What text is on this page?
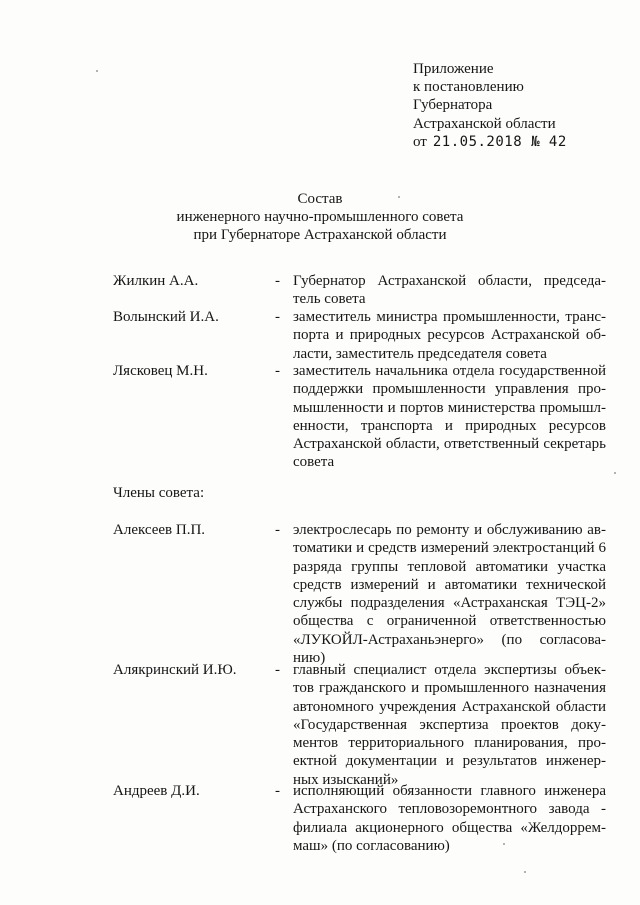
Приложение
к постановлению
Губернатора
Астраханской области
от 21.05.2018 № 42
Состав
инженерного научно-промышленного совета
при Губернаторе Астраханской области
Жилкин А.А.	- Губернатор Астраханской области, председа-
тель совета
Волынский И.А.	- заместитель министра промышленности, транс-
порта и природных ресурсов Астраханской об-
ласти, заместитель председателя совета
Лясковец М.Н.	- заместитель начальника отдела государственной
поддержки промышленности управления про-
мышленности и портов министерства промышл-
енности, транспорта и природных ресурсов
Астраханской области, ответственный секретарь
совета
Члены совета:
Алексеев П.П.	- электрослесарь по ремонту и обслуживанию ав-
томатики и средств измерений электростанций 6
разряда группы тепловой автоматики участка
средств измерений и автоматики технической
службы подразделения «Астраханская ТЭЦ-2»
общества с ограниченной ответственностью
«ЛУКОЙЛ-Астраханьэнерго» (по согласова-
нию)
Алякринский И.Ю.	- главный специалист отдела экспертизы объек-
тов гражданского и промышленного назначения
автономного учреждения Астраханской области
«Государственная экспертиза проектов доку-
ментов территориального планирования, про-
ектной документации и результатов инженер-
ных изысканий»
Андреев Д.И.	- исполняющий обязанности главного инженера
Астраханского тепловозоремонтного завода -
филиала акционерного общества «Желдоррем-
маш» (по согласованию)
